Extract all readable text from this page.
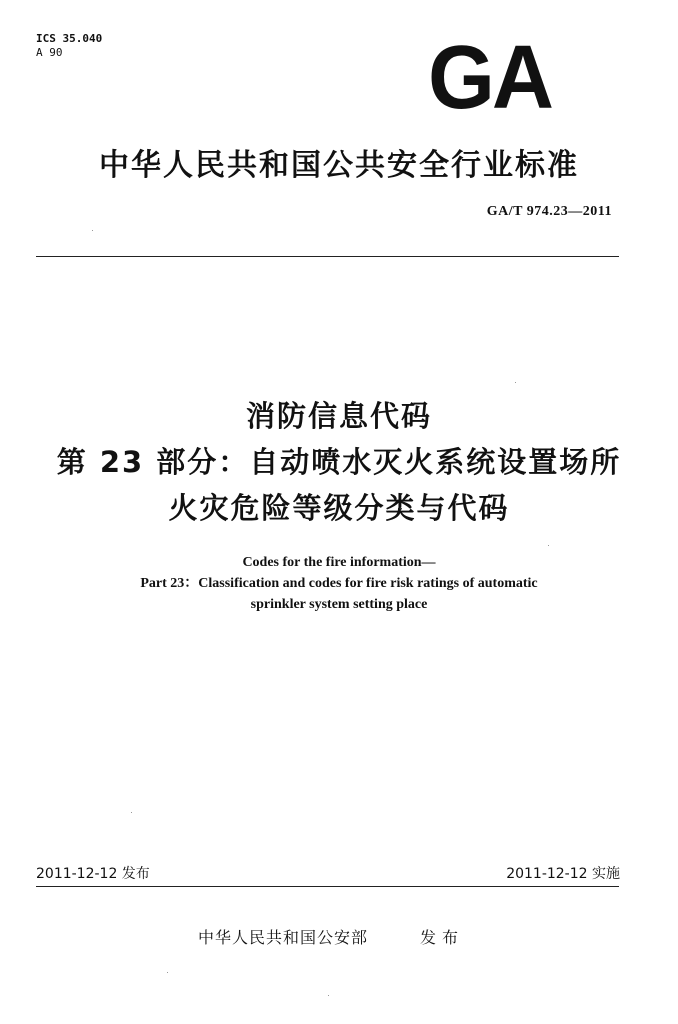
ICS 35.040
A 90	GA
中华人民共和国公共安全行业标准
GA/T 974.23—2011
消防信息代码
第 23 部分：自动喷水灭火系统设置场所
火灾危险等级分类与代码
Codes for the fire information—
Part 23：Classification and codes for fire risk ratings of automatic
sprinkler system setting place
2011-12-12 发布	2011-12-12 实施
中华人民共和国公安部	发布
